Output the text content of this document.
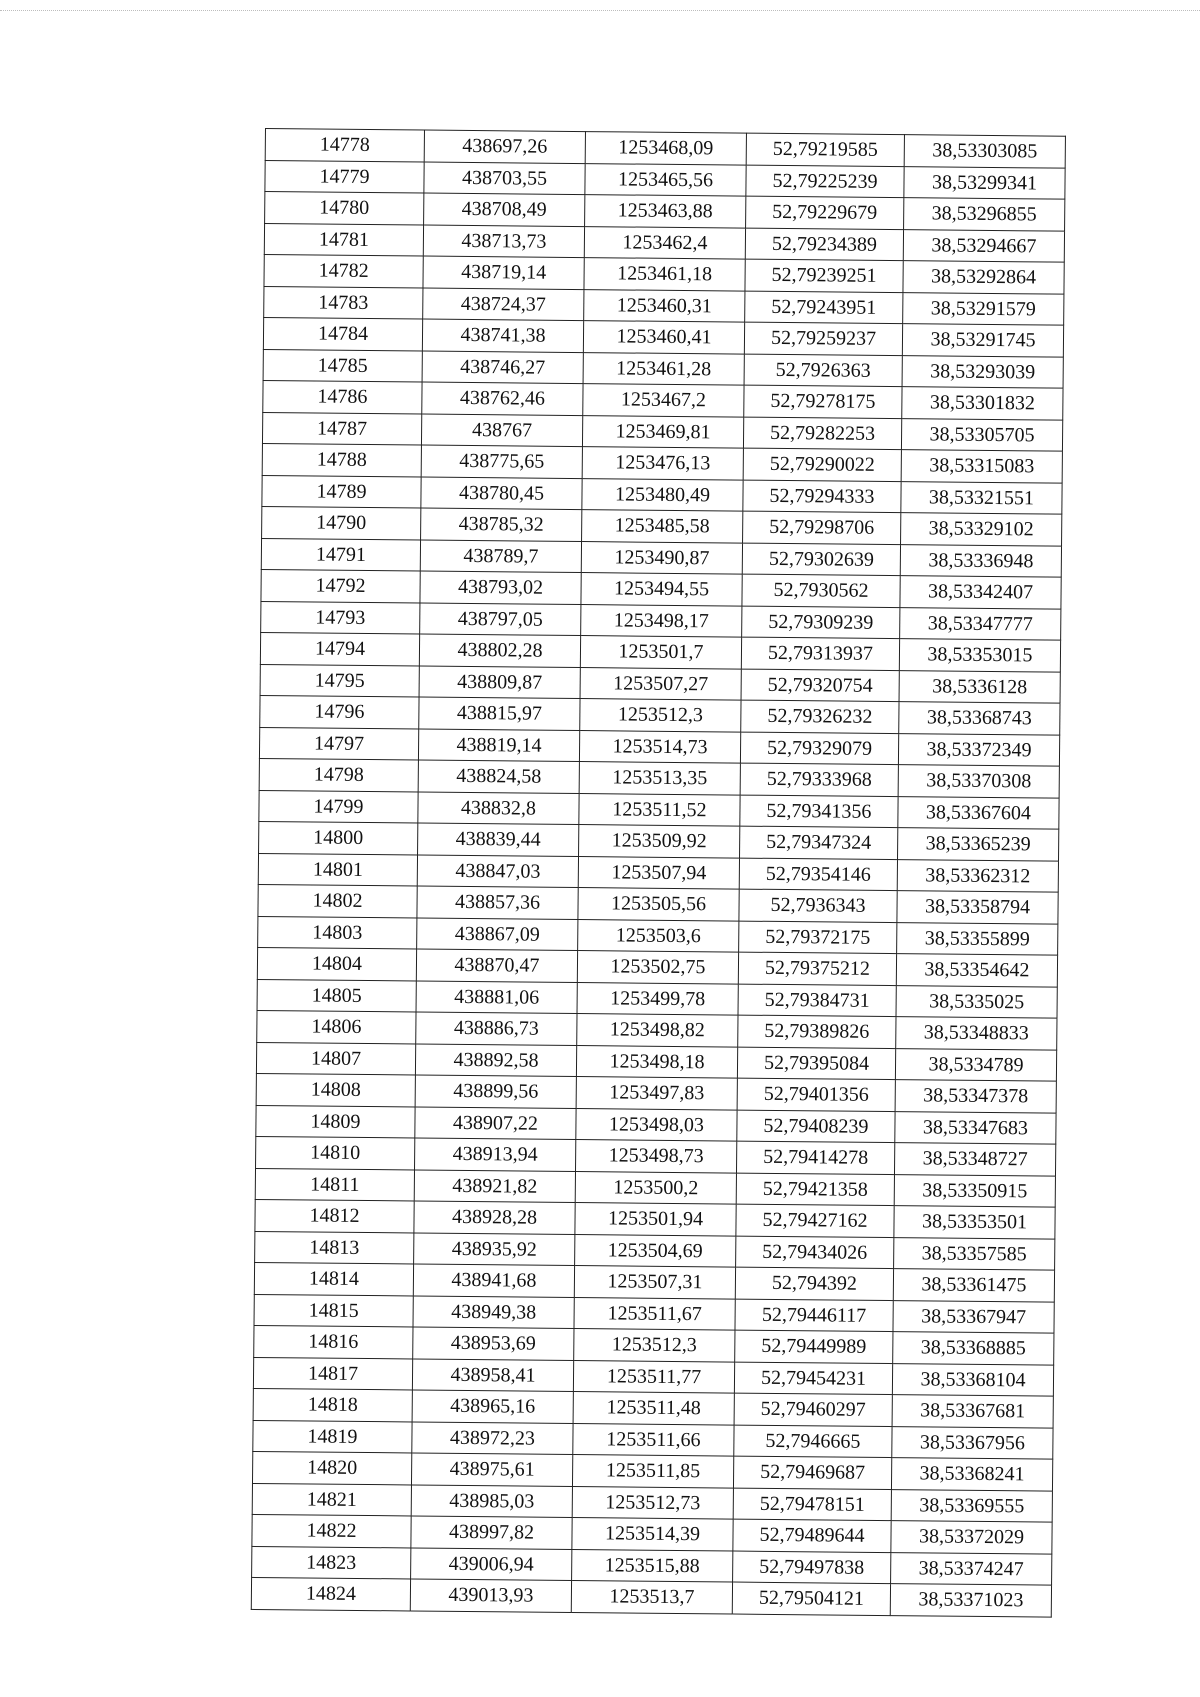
14778	438697,26	1253468,09	52,79219585	38,53303085
14779	438703,55	1253465,56	52,79225239	38,53299341
14780	438708,49	1253463,88	52,79229679	38,53296855
14781	438713,73	1253462,4	52,79234389	38,53294667
14782	438719,14	1253461,18	52,79239251	38,53292864
14783	438724,37	1253460,31	52,79243951	38,53291579
14784	438741,38	1253460,41	52,79259237	38,53291745
14785	438746,27	1253461,28	52,7926363	38,53293039
14786	438762,46	1253467,2	52,79278175	38,53301832
14787	438767	1253469,81	52,79282253	38,53305705
14788	438775,65	1253476,13	52,79290022	38,53315083
14789	438780,45	1253480,49	52,79294333	38,53321551
14790	438785,32	1253485,58	52,79298706	38,53329102
14791	438789,7	1253490,87	52,79302639	38,53336948
14792	438793,02	1253494,55	52,7930562	38,53342407
14793	438797,05	1253498,17	52,79309239	38,53347777
14794	438802,28	1253501,7	52,79313937	38,53353015
14795	438809,87	1253507,27	52,79320754	38,5336128
14796	438815,97	1253512,3	52,79326232	38,53368743
14797	438819,14	1253514,73	52,79329079	38,53372349
14798	438824,58	1253513,35	52,79333968	38,53370308
14799	438832,8	1253511,52	52,79341356	38,53367604
14800	438839,44	1253509,92	52,79347324	38,53365239
14801	438847,03	1253507,94	52,79354146	38,53362312
14802	438857,36	1253505,56	52,7936343	38,53358794
14803	438867,09	1253503,6	52,79372175	38,53355899
14804	438870,47	1253502,75	52,79375212	38,53354642
14805	438881,06	1253499,78	52,79384731	38,5335025
14806	438886,73	1253498,82	52,79389826	38,53348833
14807	438892,58	1253498,18	52,79395084	38,5334789
14808	438899,56	1253497,83	52,79401356	38,53347378
14809	438907,22	1253498,03	52,79408239	38,53347683
14810	438913,94	1253498,73	52,79414278	38,53348727
14811	438921,82	1253500,2	52,79421358	38,53350915
14812	438928,28	1253501,94	52,79427162	38,53353501
14813	438935,92	1253504,69	52,79434026	38,53357585
14814	438941,68	1253507,31	52,794392	38,53361475
14815	438949,38	1253511,67	52,79446117	38,53367947
14816	438953,69	1253512,3	52,79449989	38,53368885
14817	438958,41	1253511,77	52,79454231	38,53368104
14818	438965,16	1253511,48	52,79460297	38,53367681
14819	438972,23	1253511,66	52,7946665	38,53367956
14820	438975,61	1253511,85	52,79469687	38,53368241
14821	438985,03	1253512,73	52,79478151	38,53369555
14822	438997,82	1253514,39	52,79489644	38,53372029
14823	439006,94	1253515,88	52,79497838	38,53374247
14824	439013,93	1253513,7	52,79504121	38,53371023
